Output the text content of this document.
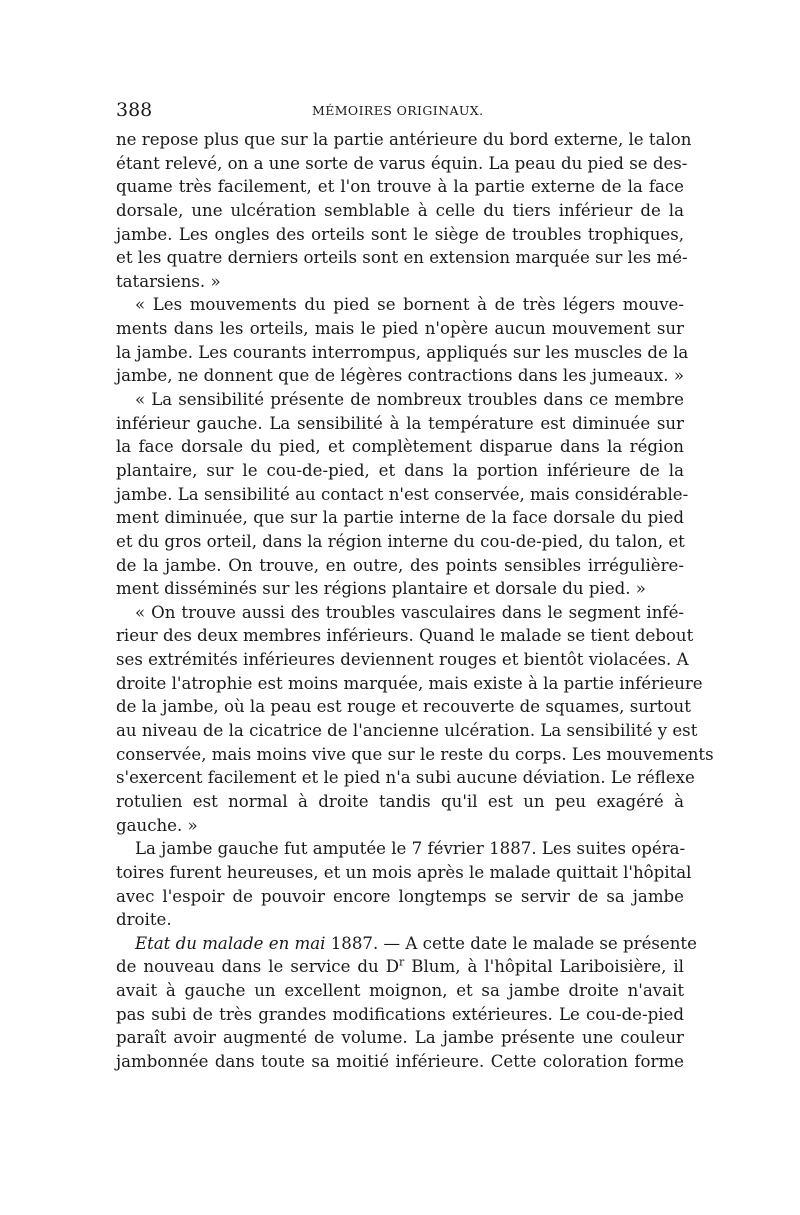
388	MÉMOIRES ORIGINAUX.
ne repose plus que sur la partie antérieure du bord externe, le talon
étant relevé, on a une sorte de varus équin. La peau du pied se des-
quame très facilement, et l'on trouve à la partie externe de la face
dorsale, une ulcération semblable à celle du tiers inférieur de la
jambe. Les ongles des orteils sont le siège de troubles trophiques,
et les quatre derniers orteils sont en extension marquée sur les mé-
tatarsiens. »
« Les mouvements du pied se bornent à de très légers mouve-
ments dans les orteils, mais le pied n'opère aucun mouvement sur
la jambe. Les courants interrompus, appliqués sur les muscles de la
jambe, ne donnent que de légères contractions dans les jumeaux. »
« La sensibilité présente de nombreux troubles dans ce membre
inférieur gauche. La sensibilité à la température est diminuée sur
la face dorsale du pied, et complètement disparue dans la région
plantaire, sur le cou-de-pied, et dans la portion inférieure de la
jambe. La sensibilité au contact n'est conservée, mais considérable-
ment diminuée, que sur la partie interne de la face dorsale du pied
et du gros orteil, dans la région interne du cou-de-pied, du talon, et
de la jambe. On trouve, en outre, des points sensibles irrégulière-
ment disséminés sur les régions plantaire et dorsale du pied. »
« On trouve aussi des troubles vasculaires dans le segment infé-
rieur des deux membres inférieurs. Quand le malade se tient debout
ses extrémités inférieures deviennent rouges et bientôt violacées. A
droite l'atrophie est moins marquée, mais existe à la partie inférieure
de la jambe, où la peau est rouge et recouverte de squames, surtout
au niveau de la cicatrice de l'ancienne ulcération. La sensibilité y est
conservée, mais moins vive que sur le reste du corps. Les mouvements
s'exercent facilement et le pied n'a subi aucune déviation. Le réflexe
rotulien est normal à droite tandis qu'il est un peu exagéré à
gauche. »
La jambe gauche fut amputée le 7 février 1887. Les suites opéra-
toires furent heureuses, et un mois après le malade quittait l'hôpital
avec l'espoir de pouvoir encore longtemps se servir de sa jambe
droite.
Etat du malade en mai 1887. — A cette date le malade se présente
de nouveau dans le service du $D^r$ Blum, à l'hôpital Lariboisière, il
avait à gauche un excellent moignon, et sa jambe droite n'avait
pas subi de très grandes modifications extérieures. Le cou-de-pied
paraît avoir augmenté de volume. La jambe présente une couleur
jambonnée dans toute sa moitié inférieure. Cette coloration forme
